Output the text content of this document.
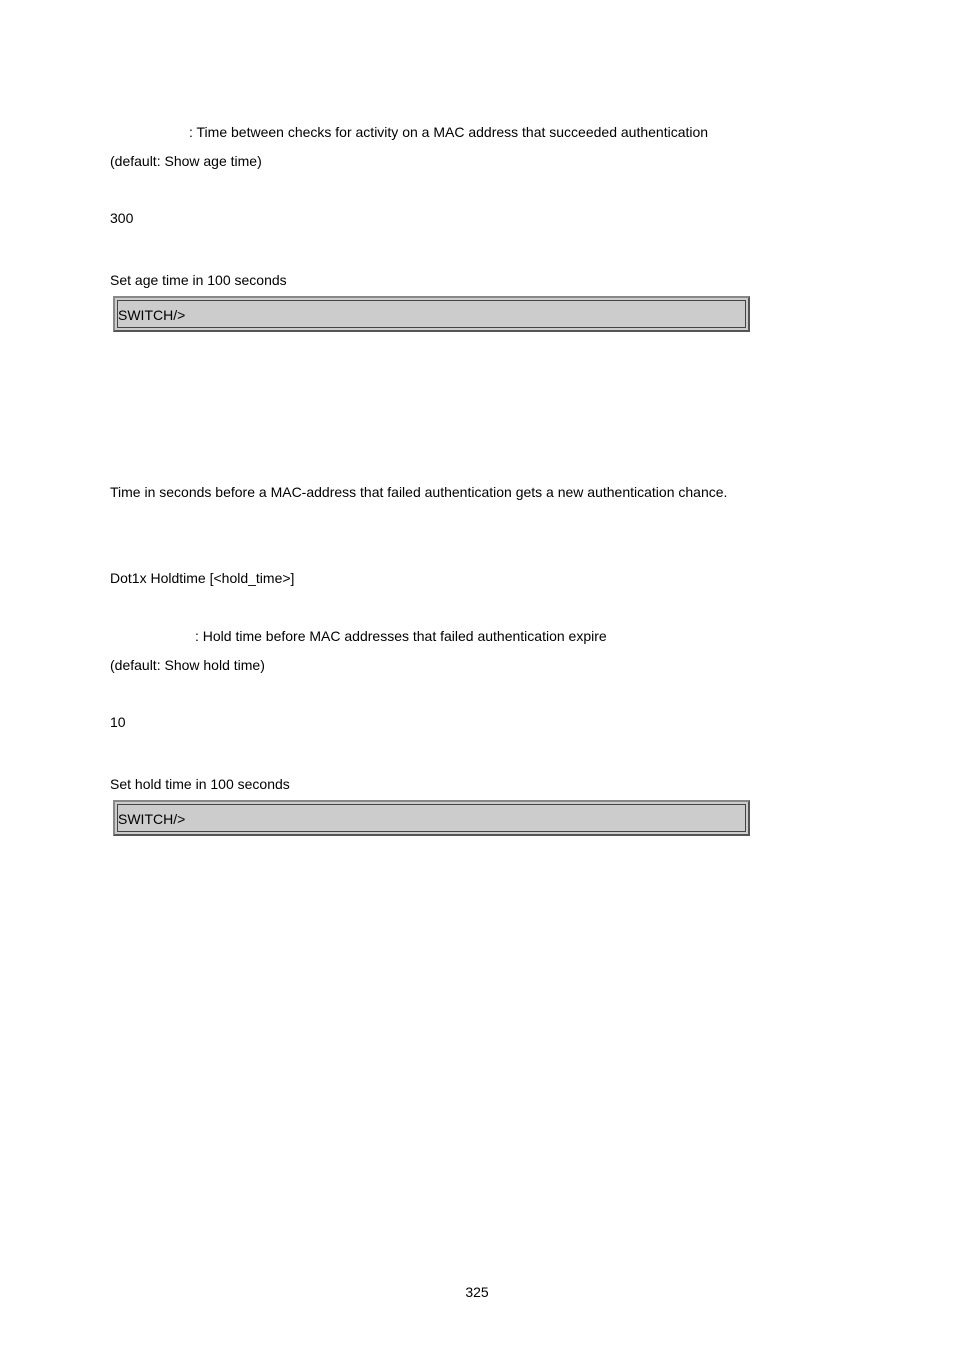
: Time between checks for activity on a MAC address that succeeded authentication
(default: Show age time)
300
Set age time in 100 seconds
SWITCH/>
Time in seconds before a MAC-address that failed authentication gets a new authentication chance.
Dot1x Holdtime [<hold_time>]
: Hold time before MAC addresses that failed authentication expire
(default: Show hold time)
10
Set hold time in 100 seconds
SWITCH/>
325
